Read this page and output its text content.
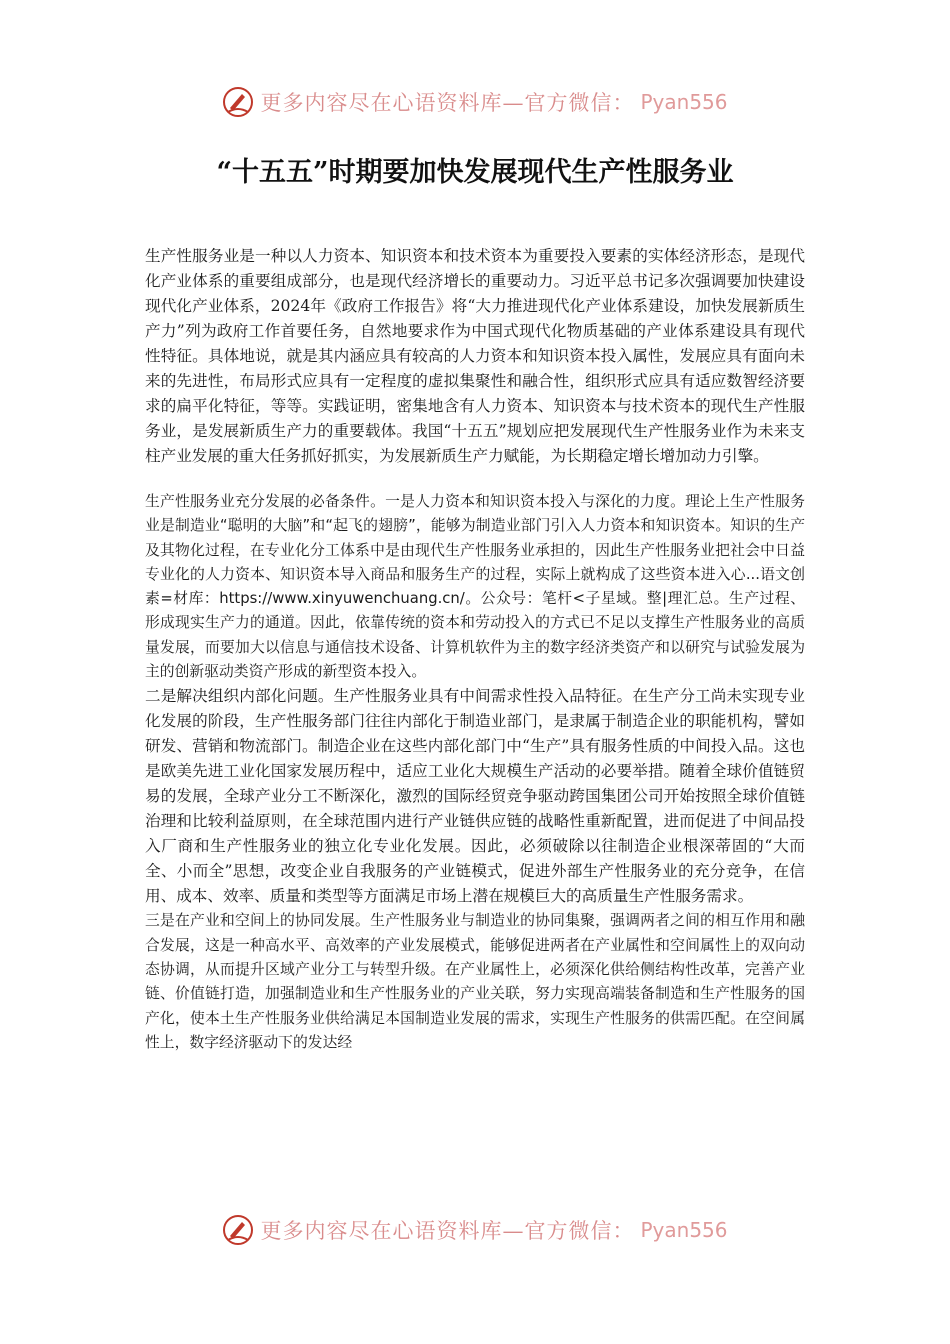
更多内容尽在心语资料库—官方微信： Pyan556
“十五五”时期要加快发展现代生产性服务业

生产性服务业是一种以人力资本、知识资本和技术资本为重要投入要素的实体经济形态，是现代化产业体系的重要组成部分，也是现代经济增长的重要动力。习近平总书记多次强调要加快建设现代化产业体系，2024年《政府工作报告》将“大力推进现代化产业体系建设，加快发展新质生产力”列为政府工作首要任务，自然地要求作为中国式现代化物质基础的产业体系建设具有现代性特征。具体地说，就是其内涵应具有较高的人力资本和知识资本投入属性，发展应具有面向未来的先进性，布局形式应具有一定程度的虚拟集聚性和融合性，组织形式应具有适应数智经济要求的扁平化特征，等等。实践证明，密集地含有人力资本、知识资本与技术资本的现代生产性服务业，是发展新质生产力的重要载体。我国“十五五”规划应把发展现代生产性服务业作为未来支柱产业发展的重大任务抓好抓实，为发展新质生产力赋能，为长期稳定增长增加动力引擎。

生产性服务业充分发展的必备条件。一是人力资本和知识资本投入与深化的力度。理论上生产性服务业是制造业“聪明的大脑”和“起飞的翅膀”，能够为制造业部门引入人力资本和知识资本。知识的生产及其物化过程，在专业化分工体系中是由现代生产性服务业承担的，因此生产性服务业把社会中日益专业化的人力资本、知识资本导入商品和服务生产的过程，实际上就构成了这些资本进入心...语文创素=材库：https://www.xinyuwenchuang.cn/。公众号：笔杆<子星域。整|理汇总。生产过程、形成现实生产力的通道。因此，依靠传统的资本和劳动投入的方式已不足以支撑生产性服务业的高质量发展，而要加大以信息与通信技术设备、计算机软件为主的数字经济类资产和以研究与试验发展为主的创新驱动类资产形成的新型资本投入。

二是解决组织内部化问题。生产性服务业具有中间需求性投入品特征。在生产分工尚未实现专业化发展的阶段，生产性服务部门往往内部化于制造业部门，是隶属于制造企业的职能机构，譬如研发、营销和物流部门。制造企业在这些内部化部门中“生产”具有服务性质的中间投入品。这也是欧美先进工业化国家发展历程中，适应工业化大规模生产活动的必要举措。随着全球价值链贸易的发展，全球产业分工不断深化，激烈的国际经贸竞争驱动跨国集团公司开始按照全球价值链治理和比较利益原则，在全球范围内进行产业链供应链的战略性重新配置，进而促进了中间品投入厂商和生产性服务业的独立化专业化发展。因此，必须破除以往制造企业根深蒂固的“大而全、小而全”思想，改变企业自我服务的产业链模式，促进外部生产性服务业的充分竞争，在信用、成本、效率、质量和类型等方面满足市场上潜在规模巨大的高质量生产性服务需求。

三是在产业和空间上的协同发展。生产性服务业与制造业的协同集聚，强调两者之间的相互作用和融合发展，这是一种高水平、高效率的产业发展模式，能够促进两者在产业属性和空间属性上的双向动态协调，从而提升区域产业分工与转型升级。在产业属性上，必须深化供给侧结构性改革，完善产业链、价值链打造，加强制造业和生产性服务业的产业关联，努力实现高端装备制造和生产性服务的国产化，使本土生产性服务业供给满足本国制造业发展的需求，实现生产性服务的供需匹配。在空间属性上，数字经济驱动下的发达经

更多内容尽在心语资料库—官方微信： Pyan556
